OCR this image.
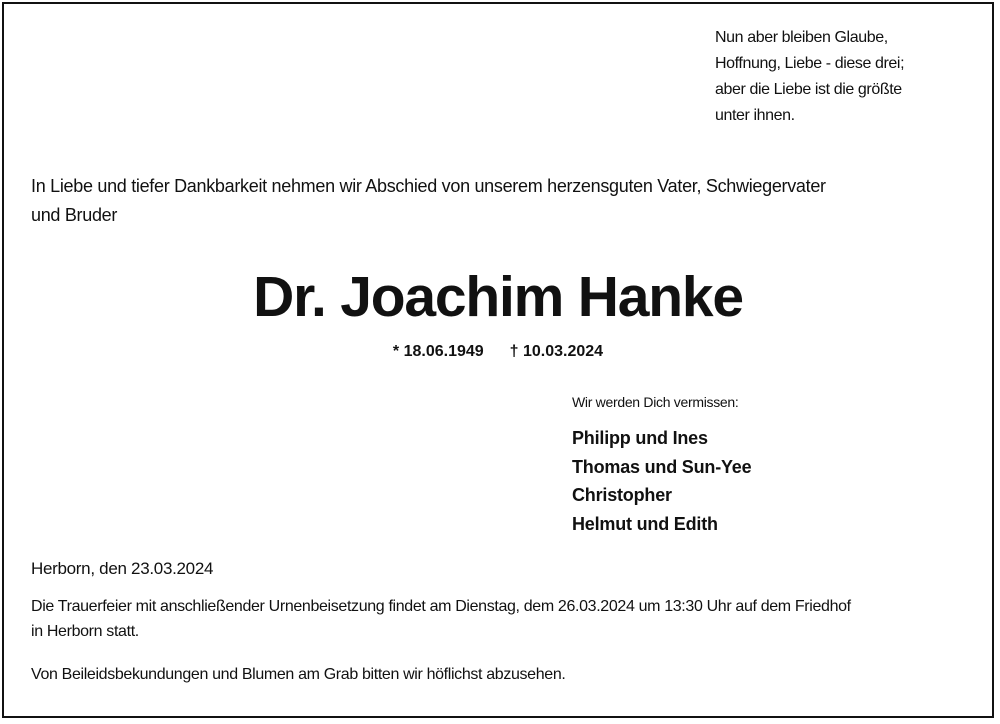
Nun aber bleiben Glaube,
Hoffnung, Liebe - diese drei;
aber die Liebe ist die größte
unter ihnen.
In Liebe und tiefer Dankbarkeit nehmen wir Abschied von unserem herzensguten Vater, Schwiegervater
und Bruder
Dr. Joachim Hanke
* 18.06.1949 † 10.03.2024
Wir werden Dich vermissen:
Philipp und Ines
Thomas und Sun-Yee
Christopher
Helmut und Edith
Herborn, den 23.03.2024
Die Trauerfeier mit anschließender Urnenbeisetzung findet am Dienstag, dem 26.03.2024 um 13:30 Uhr auf dem Friedhof
in Herborn statt.
Von Beileidsbekundungen und Blumen am Grab bitten wir höflichst abzusehen.
